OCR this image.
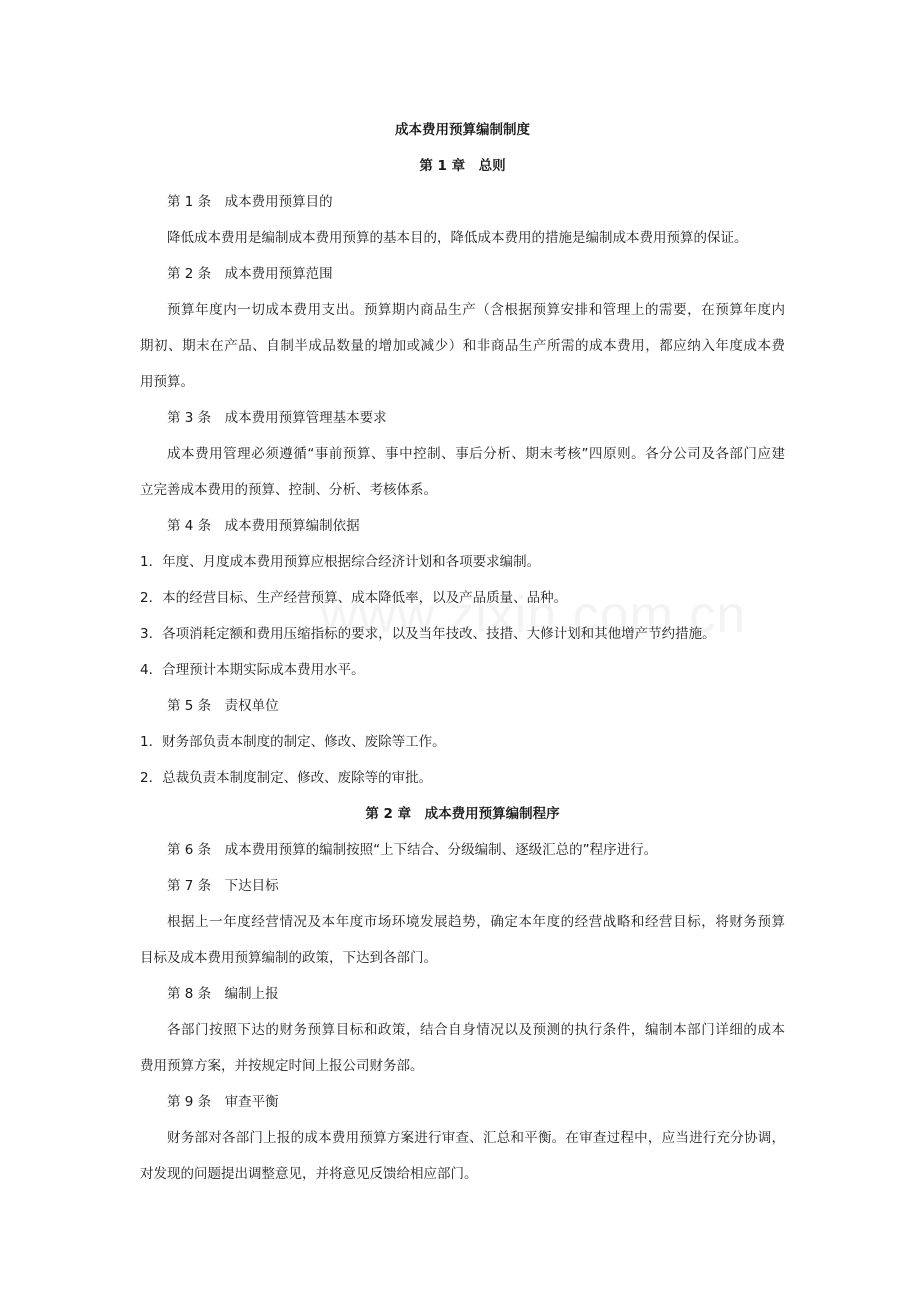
成本费用预算编制制度
第 1 章　总则
第 1 条　成本费用预算目的
降低成本费用是编制成本费用预算的基本目的，降低成本费用的措施是编制成本费用预算的保证。
第 2 条　成本费用预算范围
预算年度内一切成本费用支出。预算期内商品生产（含根据预算安排和管理上的需要，在预算年度内
期初、期末在产品、自制半成品数量的增加或减少）和非商品生产所需的成本费用，都应纳入年度成本费
用预算。
第 3 条　成本费用预算管理基本要求
成本费用管理必须遵循“事前预算、事中控制、事后分析、期末考核”四原则。各分公司及各部门应建
立完善成本费用的预算、控制、分析、考核体系。
第 4 条　成本费用预算编制依据
1．年度、月度成本费用预算应根据综合经济计划和各项要求编制。
2．本的经营目标、生产经营预算、成本降低率，以及产品质量、品种。
3．各项消耗定额和费用压缩指标的要求，以及当年技改、技措、大修计划和其他增产节约措施。
4．合理预计本期实际成本费用水平。
第 5 条　责权单位
1．财务部负责本制度的制定、修改、废除等工作。
2．总裁负责本制度制定、修改、废除等的审批。
第 2 章　成本费用预算编制程序
第 6 条　成本费用预算的编制按照“上下结合、分级编制、逐级汇总的”程序进行。
第 7 条　下达目标
根据上一年度经营情况及本年度市场环境发展趋势，确定本年度的经营战略和经营目标，将财务预算
目标及成本费用预算编制的政策，下达到各部门。
第 8 条　编制上报
各部门按照下达的财务预算目标和政策，结合自身情况以及预测的执行条件，编制本部门详细的成本
费用预算方案，并按规定时间上报公司财务部。
第 9 条　审查平衡
财务部对各部门上报的成本费用预算方案进行审查、汇总和平衡。在审查过程中，应当进行充分协调，
对发现的问题提出调整意见，并将意见反馈给相应部门。
